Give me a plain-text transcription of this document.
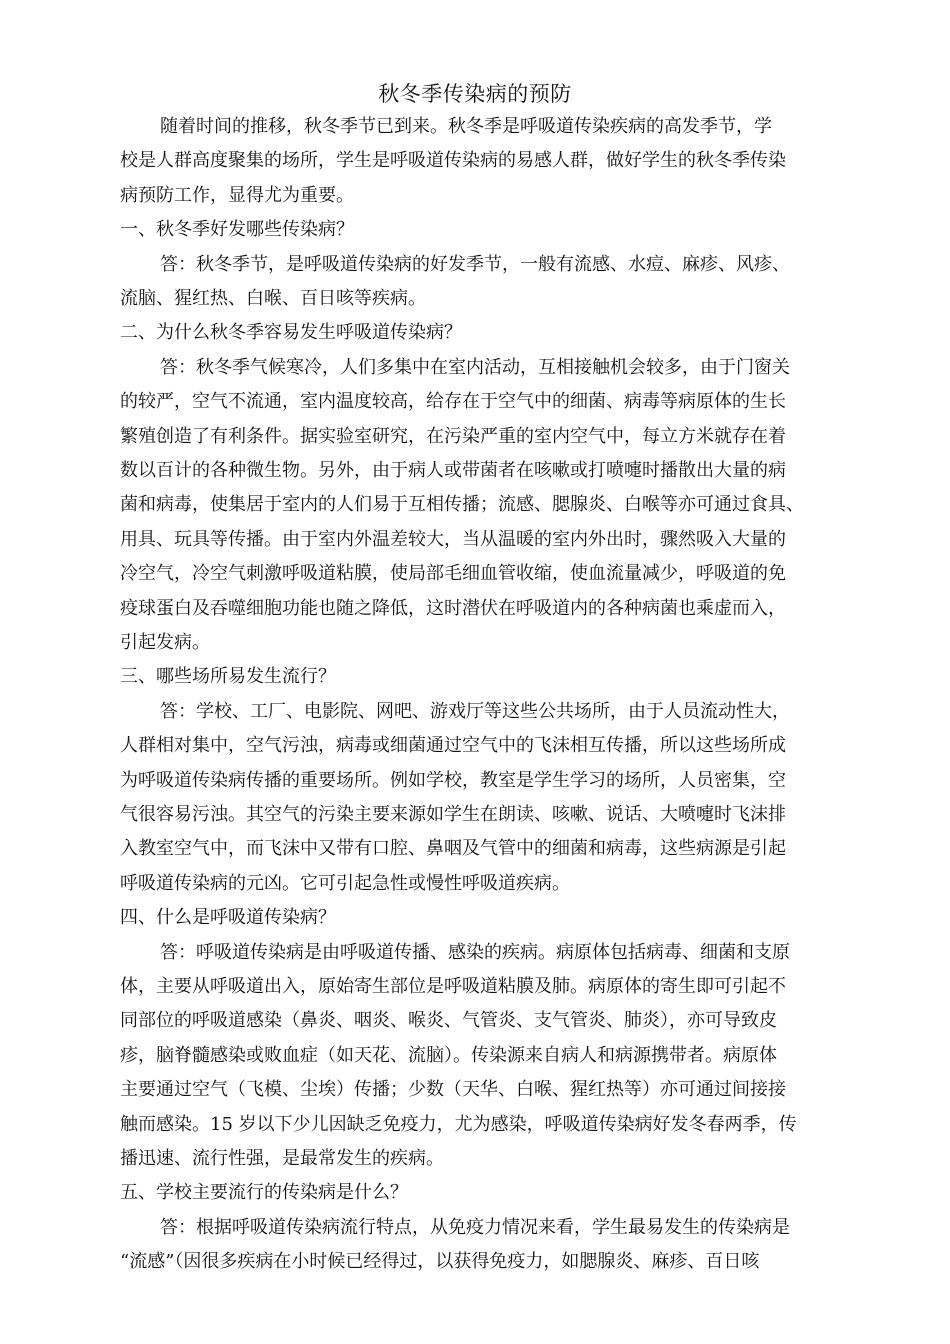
秋冬季传染病的预防
随着时间的推移，秋冬季节已到来。秋冬季是呼吸道传染疾病的高发季节，学
校是人群高度聚集的场所，学生是呼吸道传染病的易感人群，做好学生的秋冬季传染
病预防工作，显得尤为重要。
一、秋冬季好发哪些传染病？
答：秋冬季节，是呼吸道传染病的好发季节，一般有流感、水痘、麻疹、风疹、
流脑、猩红热、白喉、百日咳等疾病。
二、为什么秋冬季容易发生呼吸道传染病？
答：秋冬季气候寒冷，人们多集中在室内活动，互相接触机会较多，由于门窗关
的较严，空气不流通，室内温度较高，给存在于空气中的细菌、病毒等病原体的生长
繁殖创造了有利条件。据实验室研究，在污染严重的室内空气中，每立方米就存在着
数以百计的各种微生物。另外，由于病人或带菌者在咳嗽或打喷嚏时播散出大量的病
菌和病毒，使集居于室内的人们易于互相传播；流感、腮腺炎、白喉等亦可通过食具、
用具、玩具等传播。由于室内外温差较大，当从温暖的室内外出时，骤然吸入大量的
冷空气，冷空气刺激呼吸道粘膜，使局部毛细血管收缩，使血流量减少，呼吸道的免
疫球蛋白及吞噬细胞功能也随之降低，这时潜伏在呼吸道内的各种病菌也乘虚而入，
引起发病。
三、哪些场所易发生流行？
答：学校、工厂、电影院、网吧、游戏厅等这些公共场所，由于人员流动性大，
人群相对集中，空气污浊，病毒或细菌通过空气中的飞沫相互传播，所以这些场所成
为呼吸道传染病传播的重要场所。例如学校，教室是学生学习的场所，人员密集，空
气很容易污浊。其空气的污染主要来源如学生在朗读、咳嗽、说话、大喷嚏时飞沫排
入教室空气中，而飞沫中又带有口腔、鼻咽及气管中的细菌和病毒，这些病源是引起
呼吸道传染病的元凶。它可引起急性或慢性呼吸道疾病。
四、什么是呼吸道传染病？
答：呼吸道传染病是由呼吸道传播、感染的疾病。病原体包括病毒、细菌和支原
体，主要从呼吸道出入，原始寄生部位是呼吸道粘膜及肺。病原体的寄生即可引起不
同部位的呼吸道感染（鼻炎、咽炎、喉炎、气管炎、支气管炎、肺炎），亦可导致皮
疹，脑脊髓感染或败血症（如天花、流脑）。传染源来自病人和病源携带者。病原体
主要通过空气（飞模、尘埃）传播；少数（天华、白喉、猩红热等）亦可通过间接接
触而感染。15 岁以下少儿因缺乏免疫力，尤为感染，呼吸道传染病好发冬春两季，传
播迅速、流行性强，是最常发生的疾病。
五、学校主要流行的传染病是什么？
答：根据呼吸道传染病流行特点，从免疫力情况来看，学生最易发生的传染病是
“流感”（因很多疾病在小时候已经得过，以获得免疫力，如腮腺炎、麻疹、百日咳
